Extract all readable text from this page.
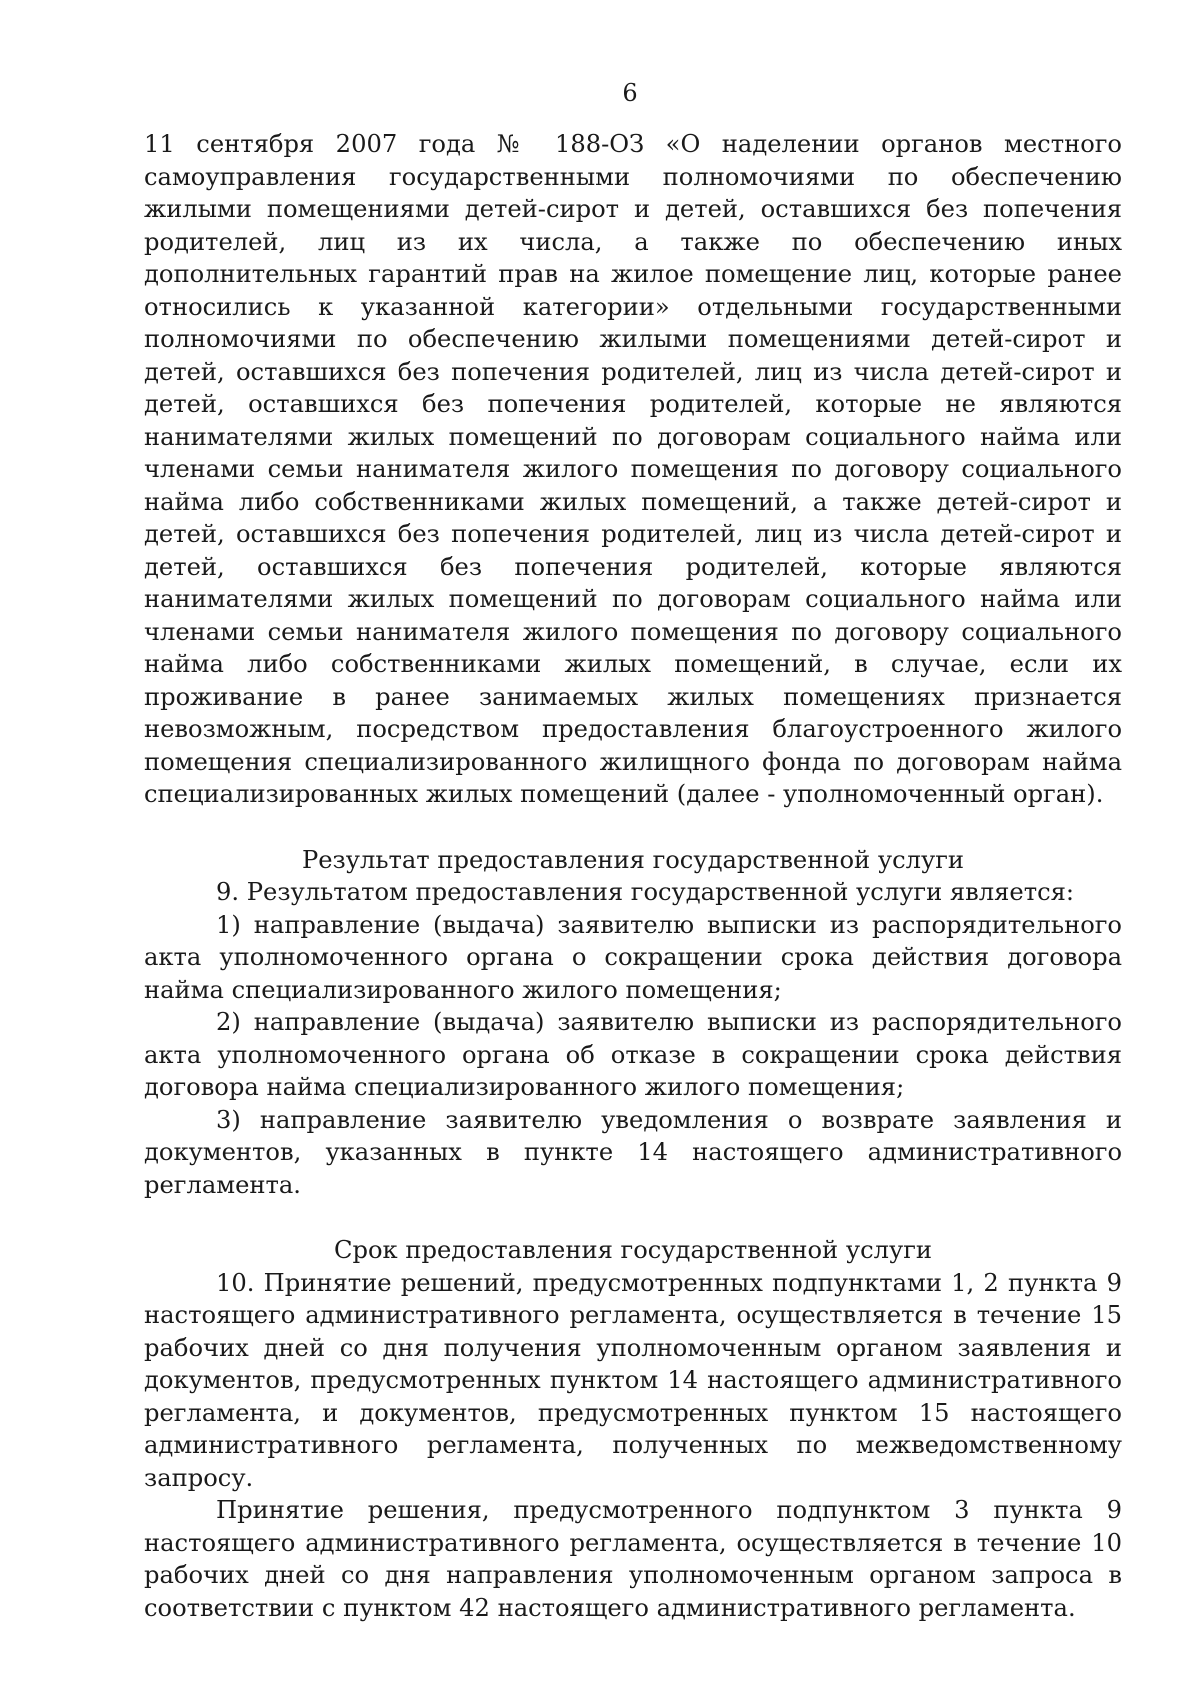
6

11 сентября 2007 года № 188-ОЗ «О наделении органов местного самоуправления государственными полномочиями по обеспечению жилыми помещениями детей-сирот и детей, оставшихся без попечения родителей, лиц из их числа, а также по обеспечению иных дополнительных гарантий прав на жилое помещение лиц, которые ранее относились к указанной категории» отдельными государственными полномочиями по обеспечению жилыми помещениями детей-сирот и детей, оставшихся без попечения родителей, лиц из числа детей-сирот и детей, оставшихся без попечения родителей, которые не являются нанимателями жилых помещений по договорам социального найма или членами семьи нанимателя жилого помещения по договору социального найма либо собственниками жилых помещений, а также детей-сирот и детей, оставшихся без попечения родителей, лиц из числа детей-сирот и детей, оставшихся без попечения родителей, которые являются нанимателями жилых помещений по договорам социального найма или членами семьи нанимателя жилого помещения по договору социального найма либо собственниками жилых помещений, в случае, если их проживание в ранее занимаемых жилых помещениях признается невозможным, посредством предоставления благоустроенного жилого помещения специализированного жилищного фонда по договорам найма специализированных жилых помещений (далее - уполномоченный орган).

Результат предоставления государственной услуги

9. Результатом предоставления государственной услуги является:

1) направление (выдача) заявителю выписки из распорядительного акта уполномоченного органа о сокращении срока действия договора найма специализированного жилого помещения;

2) направление (выдача) заявителю выписки из распорядительного акта уполномоченного органа об отказе в сокращении срока действия договора найма специализированного жилого помещения;

3) направление заявителю уведомления о возврате заявления и документов, указанных в пункте 14 настоящего административного регламента.

Срок предоставления государственной услуги

10. Принятие решений, предусмотренных подпунктами 1, 2 пункта 9 настоящего административного регламента, осуществляется в течение 15 рабочих дней со дня получения уполномоченным органом заявления и документов, предусмотренных пунктом 14 настоящего административного регламента, и документов, предусмотренных пунктом 15 настоящего административного регламента, полученных по межведомственному запросу.

Принятие решения, предусмотренного подпунктом 3 пункта 9 настоящего административного регламента, осуществляется в течение 10 рабочих дней со дня направления уполномоченным органом запроса в соответствии с пунктом 42 настоящего административного регламента.
